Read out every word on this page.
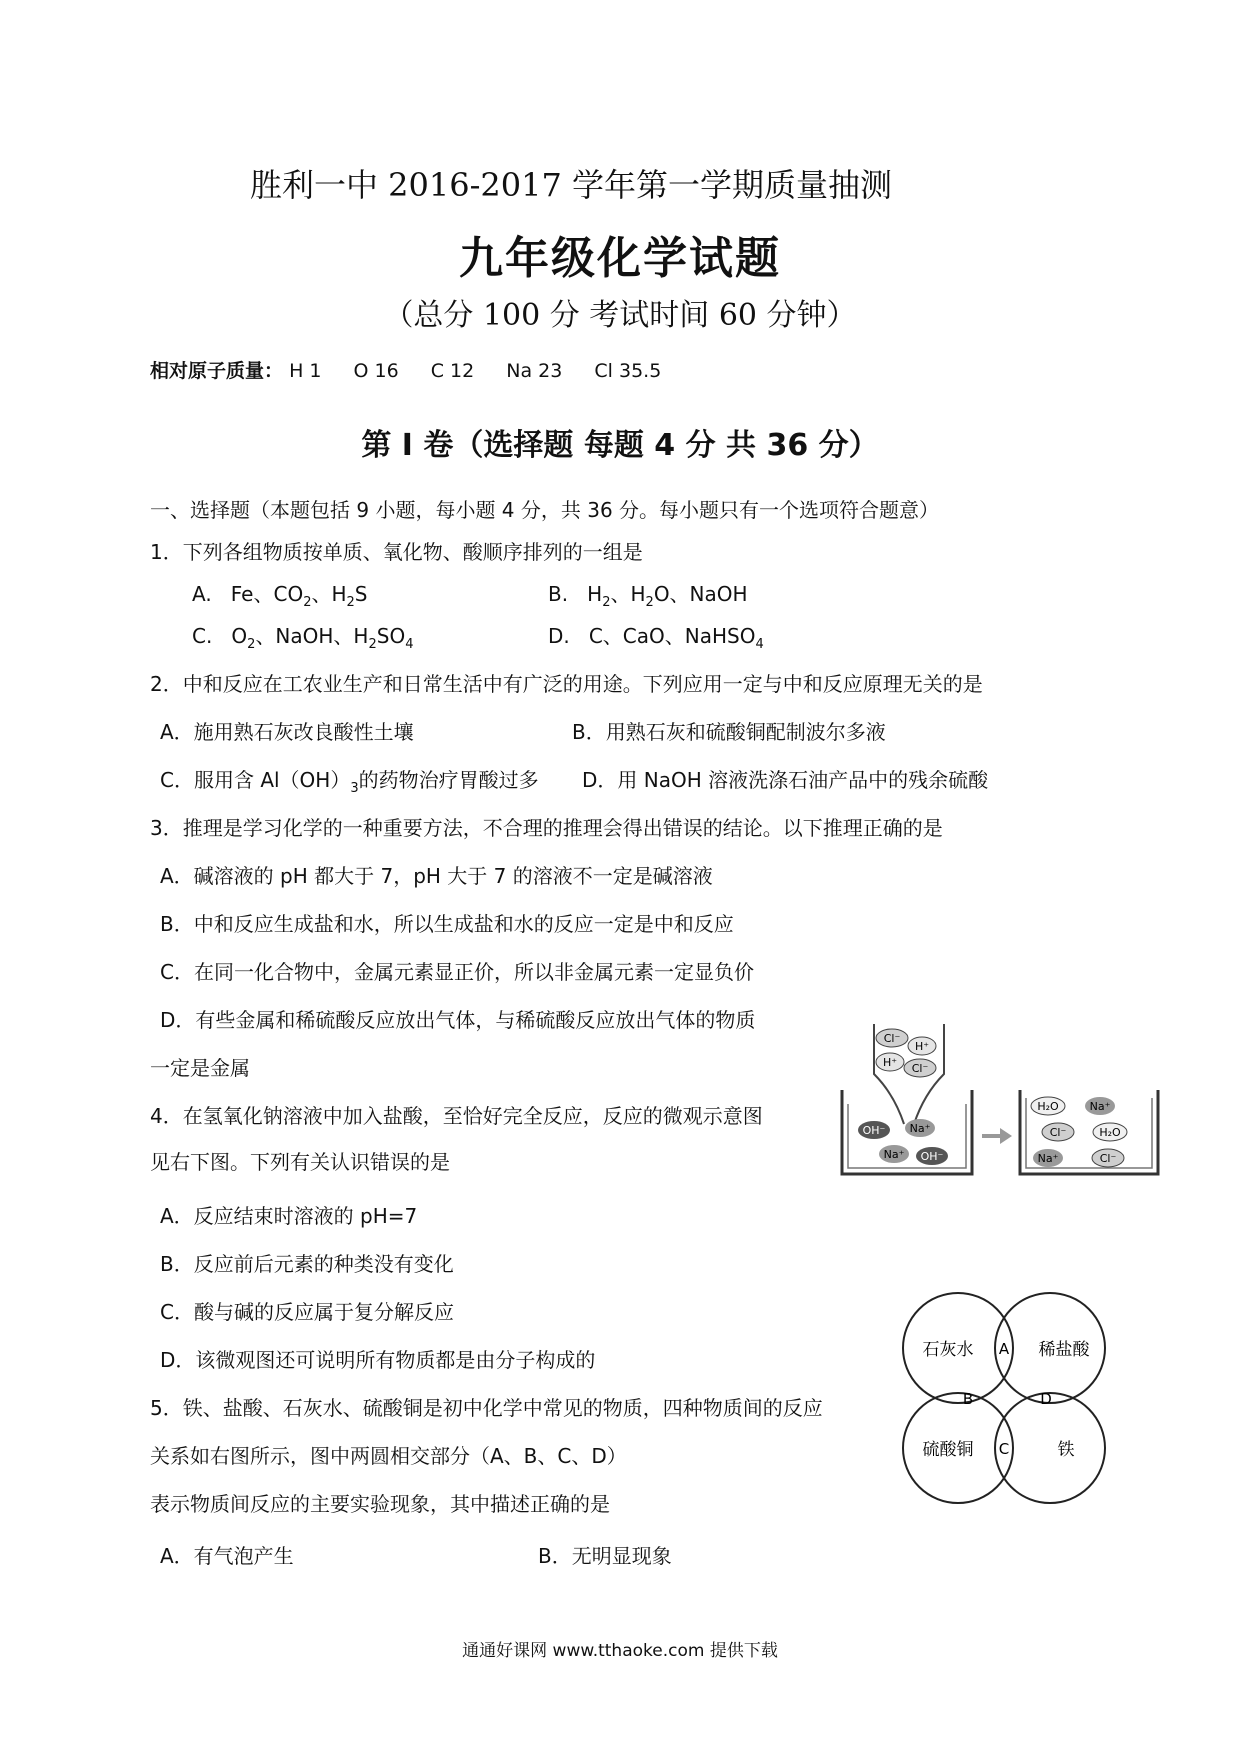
胜利一中 2016-2017 学年第一学期质量抽测
九年级化学试题
（总分 100 分 考试时间 60 分钟）
相对原子质量： H 1 O 16 C 12 Na 23 Cl 35.5
第 I 卷（选择题 每题 4 分 共 36 分）
一、选择题（本题包括 9 小题，每小题 4 分，共 36 分。每小题只有一个选项符合题意）
1．下列各组物质按单质、氧化物、酸顺序排列的一组是
A. Fe、$CO_2$、$H_2S$	B. $H_2$、$H_2O$、NaOH
C. $O_2$、NaOH、$H_2SO_4$	D. C、CaO、NaHSO$_4$
2．中和反应在工农业生产和日常生活中有广泛的用途。下列应用一定与中和反应原理无关的是
A．施用熟石灰改良酸性土壤	B．用熟石灰和硫酸铜配制波尔多液
C．服用含 $Al(OH)_3$的药物治疗胃酸过多 D．用 NaOH 溶液洗涤石油产品中的残余硫酸
3．推理是学习化学的一种重要方法，不合理的推理会得出错误的结论。以下推理正确的是
A．碱溶液的 pH 都大于 7，pH 大于 7 的溶液不一定是碱溶液
B．中和反应生成盐和水，所以生成盐和水的反应一定是中和反应
C．在同一化合物中，金属元素显正价，所以非金属元素一定显负价
D．有些金属和稀硫酸反应放出气体，与稀硫酸反应放出气体的物质
一定是金属
4．在氢氧化钠溶液中加入盐酸，至恰好完全反应，反应的微观示意图
见右下图。下列有关认识错误的是
A．反应结束时溶液的 pH=7
B．反应前后元素的种类没有变化
C．酸与碱的反应属于复分解反应
D．该微观图还可说明所有物质都是由分子构成的
Cl⁻
H⁺
H⁺ Cl⁻
OH⁻ Na⁺
Na⁺ OH⁻
H₂O	Na⁺
Cl⁻	H₂O
Na⁺	Cl⁻
5．铁、盐酸、石灰水、硫酸铜是初中化学中常见的物质，四种物质间的反应
关系如右图所示，图中两圆相交部分（A、B、C、D）
表示物质间反应的主要实验现象，其中描述正确的是
A．有气泡产生	B．无明显现象
石灰水	稀盐酸
硫酸铜	铁
A
B
C
D
通通好课网 www.tthaoke.com 提供下载
